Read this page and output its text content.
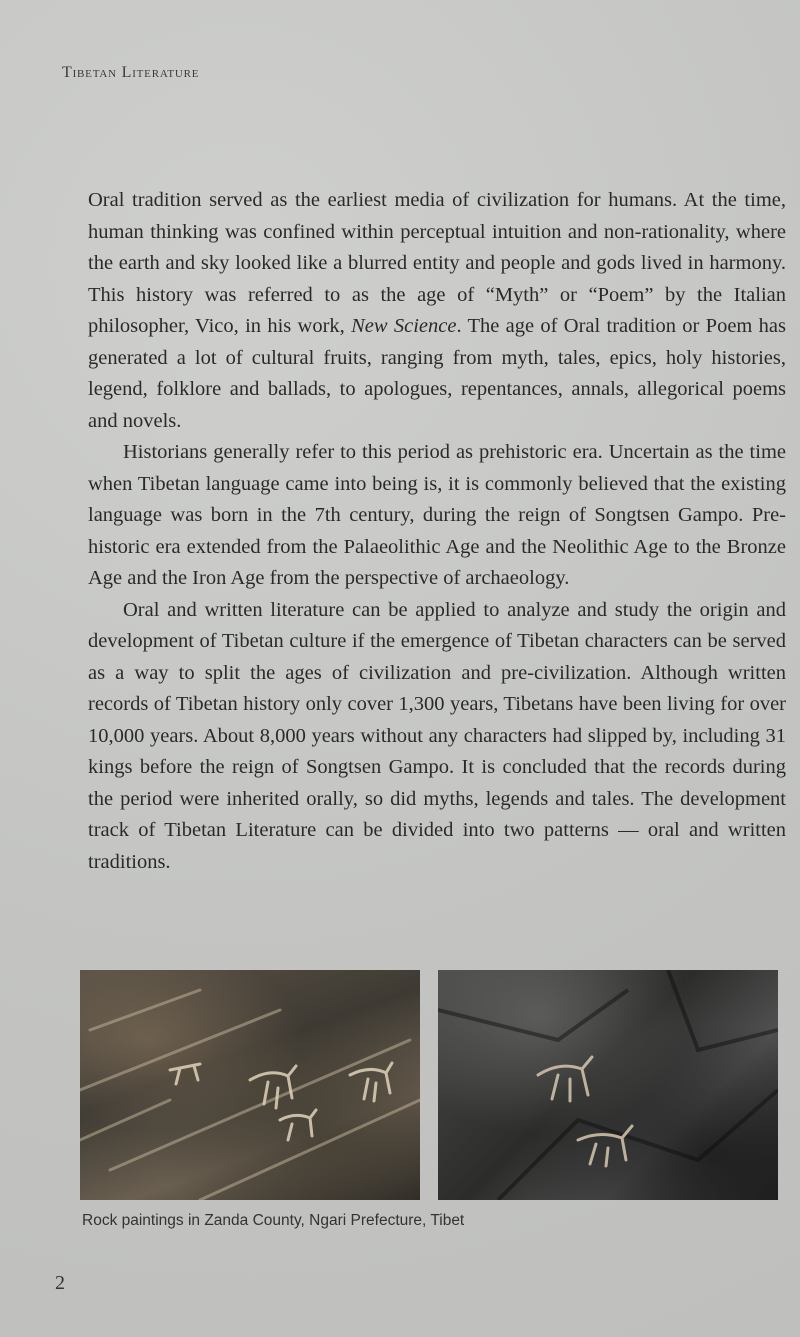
Tibetan Literature

Oral tradition served as the earliest media of civilization for humans. At the time, human thinking was confined within perceptual intuition and non-rationality, where the earth and sky looked like a blurred entity and people and gods lived in harmony. This history was referred to as the age of “Myth” or “Poem” by the Italian philosopher, Vico, in his work, New Science. The age of Oral tradition or Poem has generated a lot of cultural fruits, ranging from myth, tales, epics, holy histories, legend, folklore and ballads, to apologues, repentances, annals, allegorical poems and novels.

Historians generally refer to this period as prehistoric era. Uncertain as the time when Tibetan language came into being is, it is commonly believed that the existing language was born in the 7th century, during the reign of Songtsen Gampo. Pre-historic era extended from the Palaeolithic Age and the Neolithic Age to the Bronze Age and the Iron Age from the perspective of archaeology.

Oral and written literature can be applied to analyze and study the origin and development of Tibetan culture if the emergence of Tibetan characters can be served as a way to split the ages of civilization and pre-civilization. Although written records of Tibetan history only cover 1,300 years, Tibetans have been living for over 10,000 years. About 8,000 years without any characters had slipped by, including 31 kings before the reign of Songtsen Gampo. It is concluded that the records during the period were inherited orally, so did myths, legends and tales. The development track of Tibetan Literature can be divided into two patterns — oral and written traditions.

Rock paintings in Zanda County, Ngari Prefecture, Tibet
2
